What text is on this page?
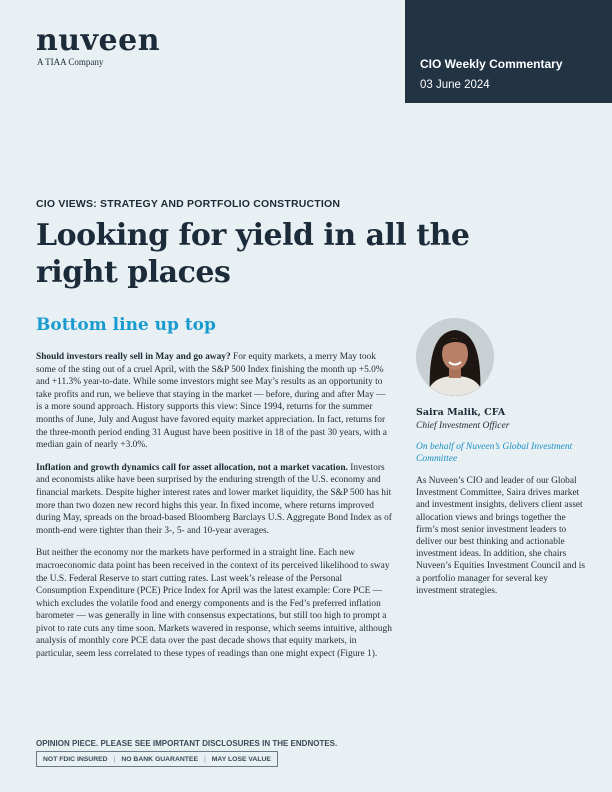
nuveen
A TIAA Company	CIO Weekly Commentary
03 June 2024
CIO VIEWS: STRATEGY AND PORTFOLIO CONSTRUCTION
Looking for yield in all the right places
Bottom line up top

Should investors really sell in May and go away? For equity markets, a merry May took some of the sting out of a cruel April, with the S&P 500 Index finishing the month up +5.0% and +11.3% year-to-date. While some investors might see May’s results as an opportunity to take profits and run, we believe that staying in the market — before, during and after May — is a more sound approach. History supports this view: Since 1994, returns for the summer months of June, July and August have favored equity market appreciation. In fact, returns for the three-month period ending 31 August have been positive in 18 of the past 30 years, with a median gain of nearly +3.0%.

Inflation and growth dynamics call for asset allocation, not a market vacation. Investors and economists alike have been surprised by the enduring strength of the U.S. economy and financial markets. Despite higher interest rates and lower market liquidity, the S&P 500 has hit more than two dozen new record highs this year. In fixed income, where returns improved during May, spreads on the broad-based Bloomberg Barclays U.S. Aggregate Bond Index as of month-end were tighter than their 3-, 5- and 10-year averages.

But neither the economy nor the markets have performed in a straight line. Each new macroeconomic data point has been received in the context of its perceived likelihood to sway the U.S. Federal Reserve to start cutting rates. Last week’s release of the Personal Consumption Expenditure (PCE) Price Index for April was the latest example: Core PCE — which excludes the volatile food and energy components and is the Fed’s preferred inflation barometer — was generally in line with consensus expectations, but still too high to prompt a pivot to rate cuts any time soon. Markets wavered in response, which seems intuitive, although analysis of monthly core PCE data over the past decade shows that equity markets, in particular, seem less correlated to these types of readings than one might expect (Figure 1).

Saira Malik, CFA
Chief Investment Officer
On behalf of Nuveen’s Global Investment Committee
As Nuveen’s CIO and leader of our Global Investment Committee, Saira drives market and investment insights, delivers client asset allocation views and brings together the firm’s most senior investment leaders to deliver our best thinking and actionable investment ideas. In addition, she chairs Nuveen’s Equities Investment Council and is a portfolio manager for several key investment strategies.
OPINION PIECE. PLEASE SEE IMPORTANT DISCLOSURES IN THE ENDNOTES.
NOT FDIC INSURED | NO BANK GUARANTEE | MAY LOSE VALUE
